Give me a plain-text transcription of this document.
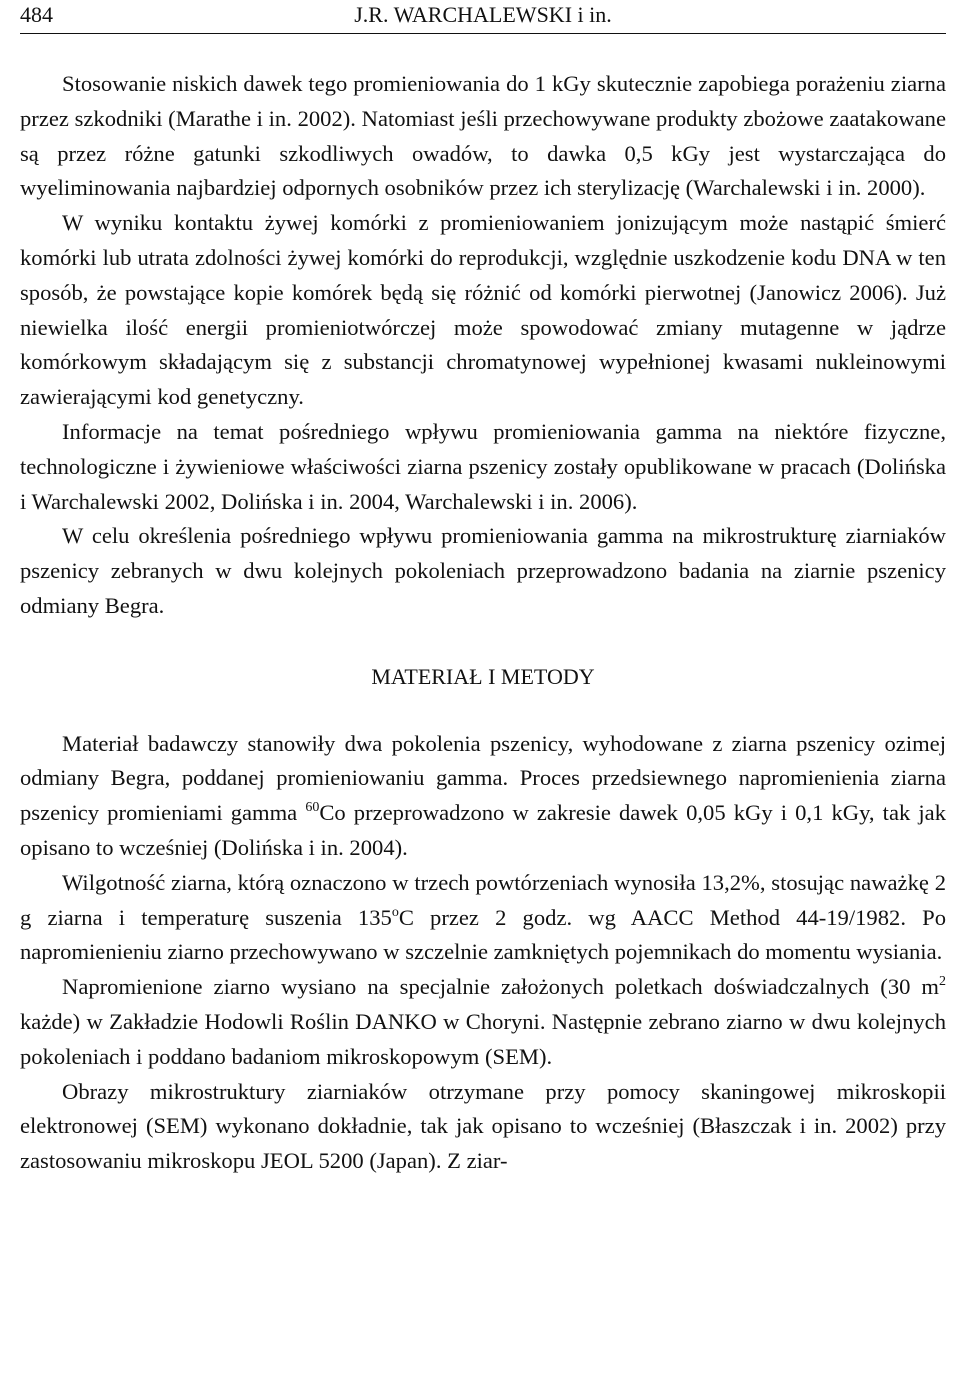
484	J.R. WARCHALEWSKI i in.

Stosowanie niskich dawek tego promieniowania do 1 kGy skutecznie zapobiega porażeniu ziarna przez szkodniki (Marathe i in. 2002). Natomiast jeśli przechowywane produkty zbożowe zaatakowane są przez różne gatunki szkodliwych owadów, to dawka 0,5 kGy jest wystarczająca do wyeliminowania najbardziej odpornych osobników przez ich sterylizację (Warchalewski i in. 2000).

W wyniku kontaktu żywej komórki z promieniowaniem jonizującym może nastąpić śmierć komórki lub utrata zdolności żywej komórki do reprodukcji, względnie uszkodzenie kodu DNA w ten sposób, że powstające kopie komórek będą się różnić od komórki pierwotnej (Janowicz 2006). Już niewielka ilość energii promieniotwórczej może spowodować zmiany mutagenne w jądrze komórkowym składającym się z substancji chromatynowej wypełnionej kwasami nukleinowymi zawierającymi kod genetyczny.

Informacje na temat pośredniego wpływu promieniowania gamma na niektóre fizyczne, technologiczne i żywieniowe właściwości ziarna pszenicy zostały opublikowane w pracach (Dolińska i Warchalewski 2002, Dolińska i in. 2004, Warchalewski i in. 2006).

W celu określenia pośredniego wpływu promieniowania gamma na mikrostrukturę ziarniaków pszenicy zebranych w dwu kolejnych pokoleniach przeprowadzono badania na ziarnie pszenicy odmiany Begra.

MATERIAŁ I METODY

Materiał badawczy stanowiły dwa pokolenia pszenicy, wyhodowane z ziarna pszenicy ozimej odmiany Begra, poddanej promieniowaniu gamma. Proces przedsiewnego napromienienia ziarna pszenicy promieniami gamma $^{60}$Co przeprowadzono w zakresie dawek 0,05 kGy i 0,1 kGy, tak jak opisano to wcześniej (Dolińska i in. 2004).

Wilgotność ziarna, którą oznaczono w trzech powtórzeniach wynosiła 13,2%, stosując naważkę 2 g ziarna i temperaturę suszenia 135$^o$C przez 2 godz. wg AACC Method 44-19/1982. Po napromienieniu ziarno przechowywano w szczelnie zamkniętych pojemnikach do momentu wysiania.

Napromienione ziarno wysiano na specjalnie założonych poletkach doświadczalnych (30 $m^2$ każde) w Zakładzie Hodowli Roślin DANKO w Choryni. Następnie zebrano ziarno w dwu kolejnych pokoleniach i poddano badaniom mikroskopowym (SEM).

Obrazy mikrostruktury ziarniaków otrzymane przy pomocy skaningowej mikroskopii elektronowej (SEM) wykonano dokładnie, tak jak opisano to wcześniej (Błaszczak i in. 2002) przy zastosowaniu mikroskopu JEOL 5200 (Japan). Z ziar-
